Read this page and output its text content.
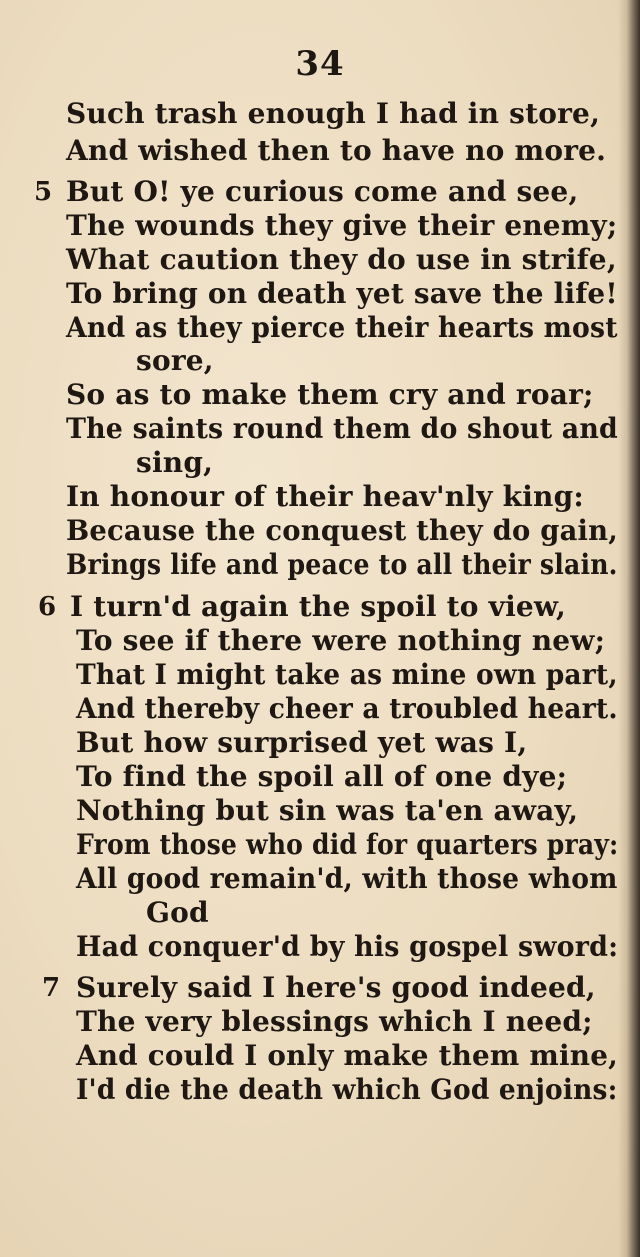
34
Such trash enough I had in store,
And wished then to have no more.
5 But O! ye curious come and see,
The wounds they give their enemy;
What caution they do use in strife,
To bring on death yet save the life!
And as they pierce their hearts most
sore,
So as to make them cry and roar;
The saints round them do shout and
sing,
In honour of their heav'nly king:
Because the conquest they do gain,
Brings life and peace to all their slain.
6 I turn'd again the spoil to view,
To see if there were nothing new;
That I might take as mine own part,
And thereby cheer a troubled heart.
But how surprised yet was I,
To find the spoil all of one dye;
Nothing but sin was ta'en away,
From those who did for quarters pray:
All good remain'd, with those whom
God
Had conquer'd by his gospel sword:
7 Surely said I here's good indeed,
The very blessings which I need;
And could I only make them mine,
I'd die the death which God enjoins:
